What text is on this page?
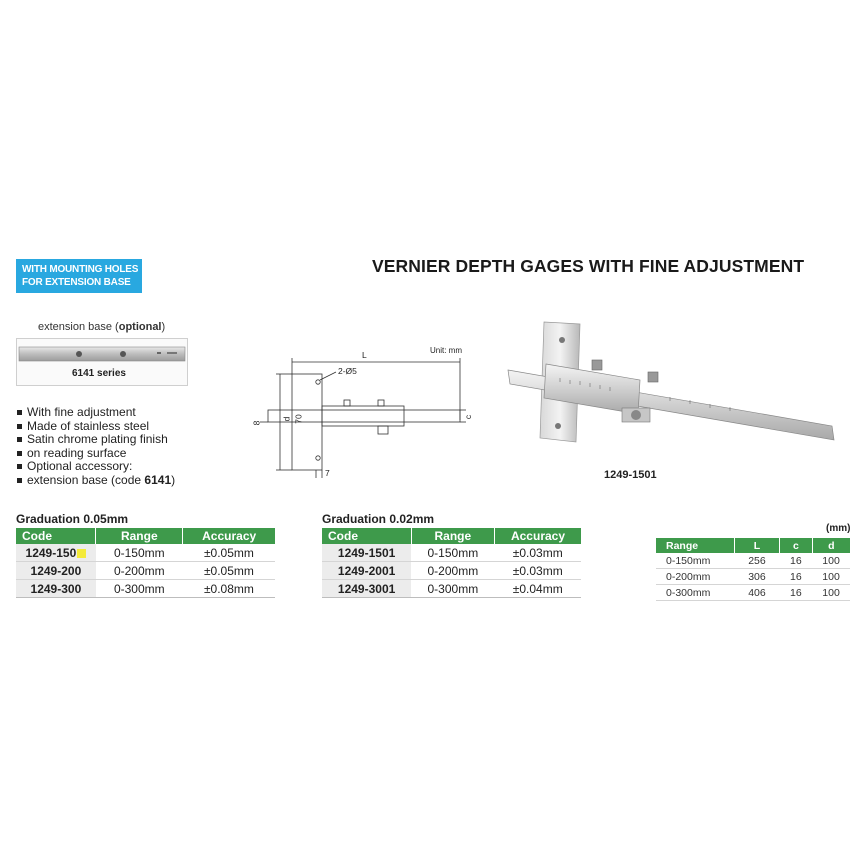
WITH MOUNTING HOLES
FOR EXTENSION BASE
VERNIER DEPTH GAGES WITH FINE ADJUSTMENT
extension base (optional)
6141 series
With fine adjustment
Made of stainless steel
Satin chrome plating finish
on reading surface
Optional accessory:
extension base (code 6141)
Unit: mm
L
2-Ø5
8
d 70
7
c
1249-1501
Graduation 0.05mm
Code	Range	Accuracy
1249-150	0-150mm	±0.05mm
1249-200	0-200mm	±0.05mm
1249-300	0-300mm	±0.08mm
Graduation 0.02mm
Code	Range	Accuracy
1249-1501	0-150mm	±0.03mm
1249-2001	0-200mm	±0.03mm
1249-3001	0-300mm	±0.04mm
(mm)
Range	L	c	d
0-150mm	256	16	100
0-200mm	306	16	100
0-300mm	406	16	100
